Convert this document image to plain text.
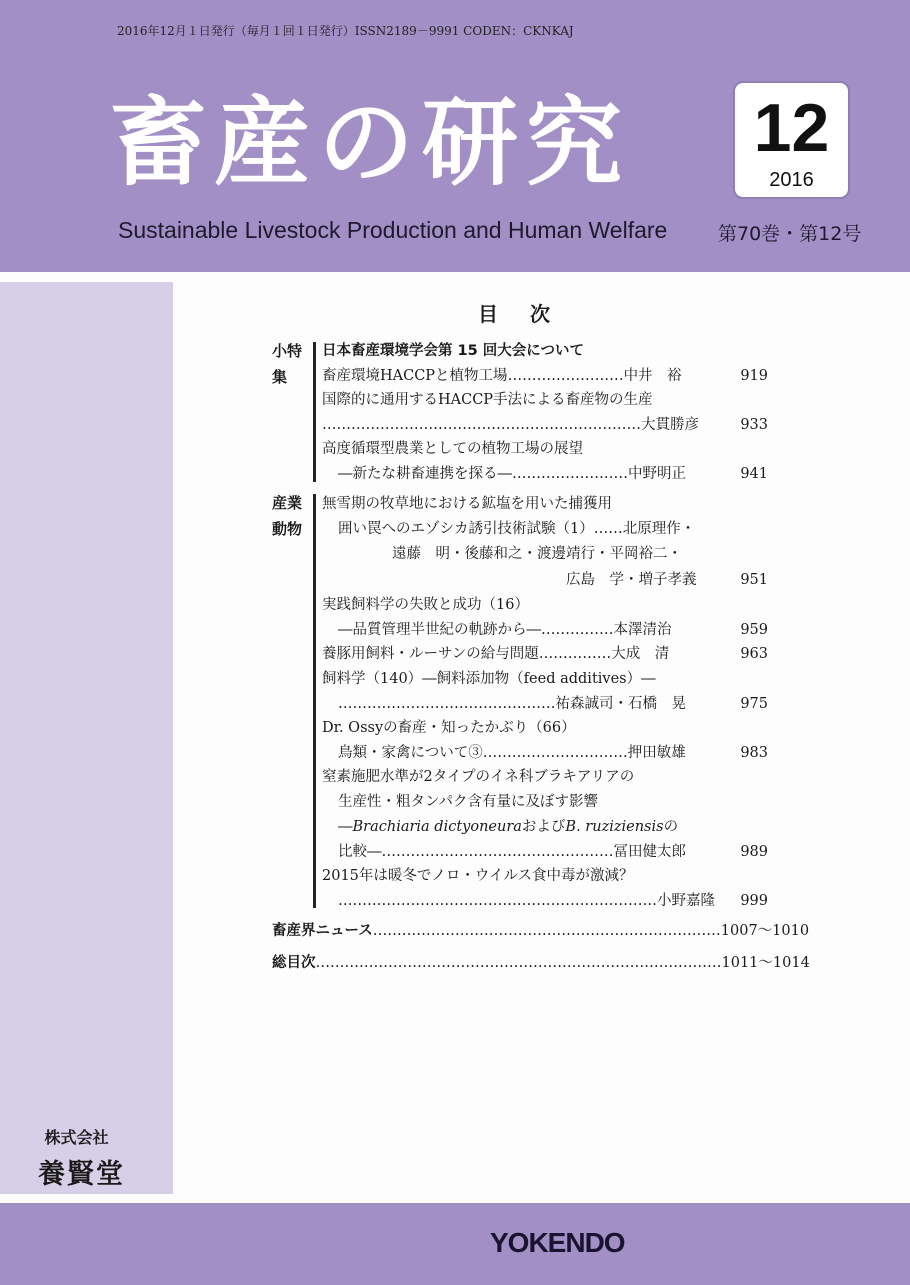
2016年12月１日発行（毎月１回１日発行）ISSN2189－9991 CODEN：CKNKAJ
畜産の研究
Sustainable Livestock Production and Human Welfare
12
2016
第70巻・第12号
株式会社
養賢堂
目次
小特
集
日本畜産環境学会第 15 回大会について
畜産環境HACCPと植物工場……………………中井　裕	919
国際的に通用するHACCP手法による畜産物の生産
…………………………………………………………大貫勝彦	933
高度循環型農業としての植物工場の展望
―新たな耕畜連携を探る―……………………中野明正	941
産業
動物
無雪期の牧草地における鉱塩を用いた捕獲用
囲い罠へのエゾシカ誘引技術試験（1）……北原理作・
遠藤　明・後藤和之・渡邊靖行・平岡裕二・
広島　学・増子孝義	951
実践飼料学の失敗と成功（16）
―品質管理半世紀の軌跡から―……………本澤清治	959
養豚用飼料・ルーサンの給与問題……………大成　清	963
飼料学（140）―飼料添加物（feed additives）―
………………………………………祐森誠司・石橋　晃	975
Dr. Ossyの畜産・知ったかぶり（66）
鳥類・家禽について③…………………………押田敏雄	983
窒素施肥水準が2タイプのイネ科ブラキアリアの
生産性・粗タンパク含有量に及ぼす影響
―Brachiaria dictyoneuraおよびB. ruziziensisの
比較―…………………………………………冨田健太郎	989
2015年は暖冬でノロ・ウイルス食中毒が激減？
…………………………………………………………小野嘉隆	999
畜産界ニュース………………………………………………………………1007～1010
総目次…………………………………………………………………………1011～1014
YOKENDO
